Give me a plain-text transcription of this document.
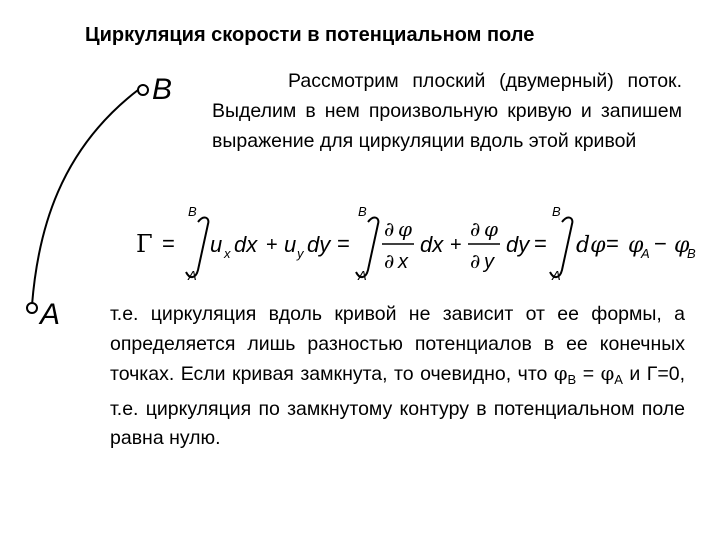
Циркуляция скорости в потенциальном поле
B
A

Рассмотрим плоский (двумерный) поток. Выделим в нем произвольную кривую и запишем выражение для циркуляции вдоль этой кривой

Γ =
B
A
u x dx + u y dy =
B
A
∂ φ
∂ x
dx +
∂ φ
∂ y
dy =
B
A
dφ = φ
A − φ
B

т.е. циркуляция вдоль кривой не зависит от ее формы, а определяется лишь разностью потенциалов в ее конечных точках. Если кривая замкнута, то очевидно, что $\varphi_B = \varphi_A$ и Г=0, т.е. циркуляция по замкнутому контуру в потенциальном поле равна нулю.
